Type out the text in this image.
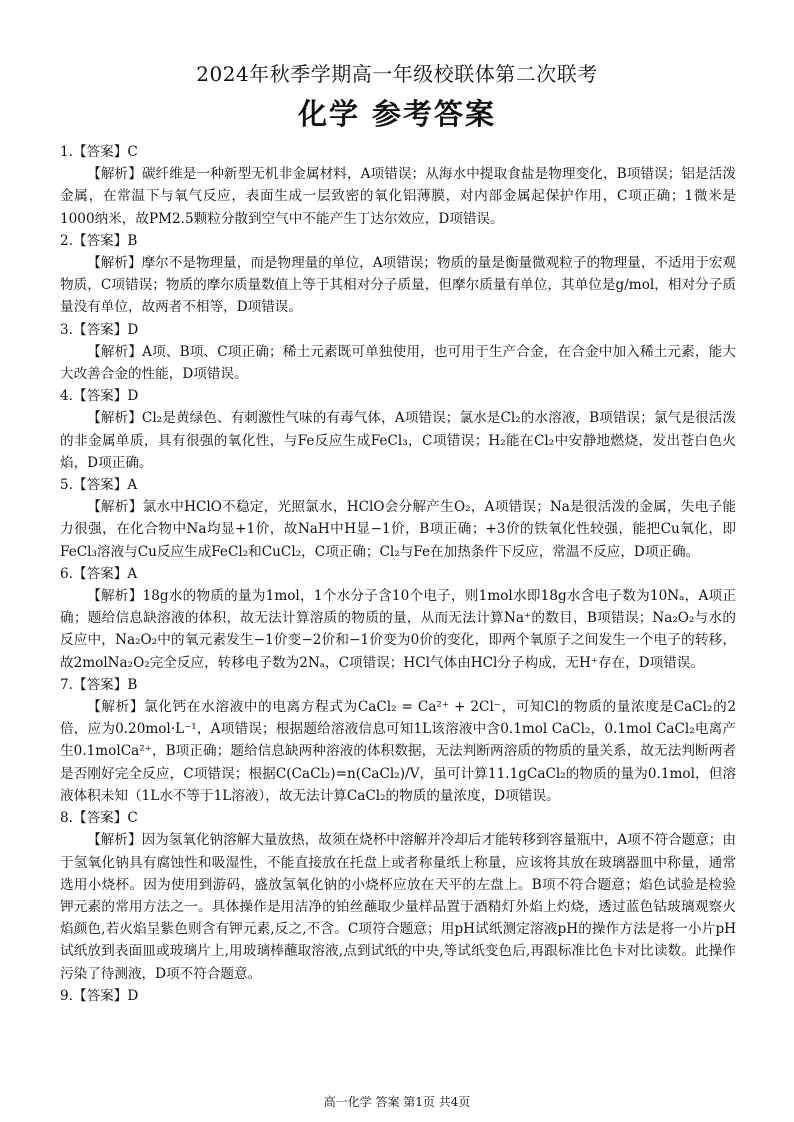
2024年秋季学期高一年级校联体第二次联考
化学 参考答案

1.【答案】C

【解析】碳纤维是一种新型无机非金属材料，A项错误；从海水中提取食盐是物理变化，B项错误；铝是活泼金属，在常温下与氧气反应，表面生成一层致密的氧化铝薄膜，对内部金属起保护作用，C项正确；1微米是1000纳米，故PM2.5颗粒分散到空气中不能产生丁达尔效应，D项错误。

2.【答案】B

【解析】摩尔不是物理量，而是物理量的单位，A项错误；物质的量是衡量微观粒子的物理量，不适用于宏观物质，C项错误；物质的摩尔质量数值上等于其相对分子质量，但摩尔质量有单位，其单位是g/mol，相对分子质量没有单位，故两者不相等，D项错误。

3.【答案】D

【解析】A项、B项、C项正确；稀土元素既可单独使用，也可用于生产合金，在合金中加入稀土元素，能大大改善合金的性能，D项错误。

4.【答案】D

【解析】Cl₂是黄绿色、有刺激性气味的有毒气体，A项错误；氯水是Cl₂的水溶液，B项错误；氯气是很活泼的非金属单质，具有很强的氧化性，与Fe反应生成FeCl₃，C项错误；H₂能在Cl₂中安静地燃烧，发出苍白色火焰，D项正确。

5.【答案】A

【解析】氯水中HClO不稳定，光照氯水，HClO会分解产生O₂，A项错误；Na是很活泼的金属，失电子能力很强，在化合物中Na均显+1价，故NaH中H显−1价，B项正确；+3价的铁氧化性较强，能把Cu氧化，即FeCl₃溶液与Cu反应生成FeCl₂和CuCl₂，C项正确；Cl₂与Fe在加热条件下反应，常温不反应，D项正确。

6.【答案】A

【解析】18g水的物质的量为1mol，1个水分子含10个电子，则1mol水即18g水含电子数为10Nₐ，A项正确；题给信息缺溶液的体积，故无法计算溶质的物质的量，从而无法计算Na⁺的数目，B项错误；Na₂O₂与水的反应中，Na₂O₂中的氧元素发生−1价变−2价和−1价变为0价的变化，即两个氧原子之间发生一个电子的转移，故2molNa₂O₂完全反应，转移电子数为2Nₐ，C项错误；HCl气体由HCl分子构成，无H⁺存在，D项错误。

7.【答案】B

【解析】氯化钙在水溶液中的电离方程式为CaCl₂ = Ca²⁺ + 2Cl⁻，可知Cl的物质的量浓度是CaCl₂的2倍，应为0.20mol·L⁻¹，A项错误；根据题给溶液信息可知1L该溶液中含0.1mol CaCl₂，0.1mol CaCl₂电离产生0.1molCa²⁺，B项正确；题给信息缺两种溶液的体积数据，无法判断两溶质的物质的量关系，故无法判断两者是否刚好完全反应，C项错误；根据C(CaCl₂)=n(CaCl₂)/V，虽可计算11.1gCaCl₂的物质的量为0.1mol，但溶液体积未知（1L水不等于1L溶液），故无法计算CaCl₂的物质的量浓度，D项错误。

8.【答案】C

【解析】因为氢氧化钠溶解大量放热，故须在烧杯中溶解并冷却后才能转移到容量瓶中，A项不符合题意；由于氢氧化钠具有腐蚀性和吸湿性，不能直接放在托盘上或者称量纸上称量，应该将其放在玻璃器皿中称量，通常选用小烧杯。因为使用到游码，盛放氢氧化钠的小烧杯应放在天平的左盘上。B项不符合题意；焰色试验是检验钾元素的常用方法之一。具体操作是用洁净的铂丝蘸取少量样品置于酒精灯外焰上灼烧，透过蓝色钴玻璃观察火焰颜色,若火焰呈紫色则含有钾元素,反之,不含。C项符合题意；用pH试纸测定溶液pH的操作方法是将一小片pH试纸放到表面皿或玻璃片上,用玻璃棒蘸取溶液,点到试纸的中央,等试纸变色后,再跟标准比色卡对比读数。此操作污染了待测液，D项不符合题意。

9.【答案】D

高一化学 答案 第1页 共4页
